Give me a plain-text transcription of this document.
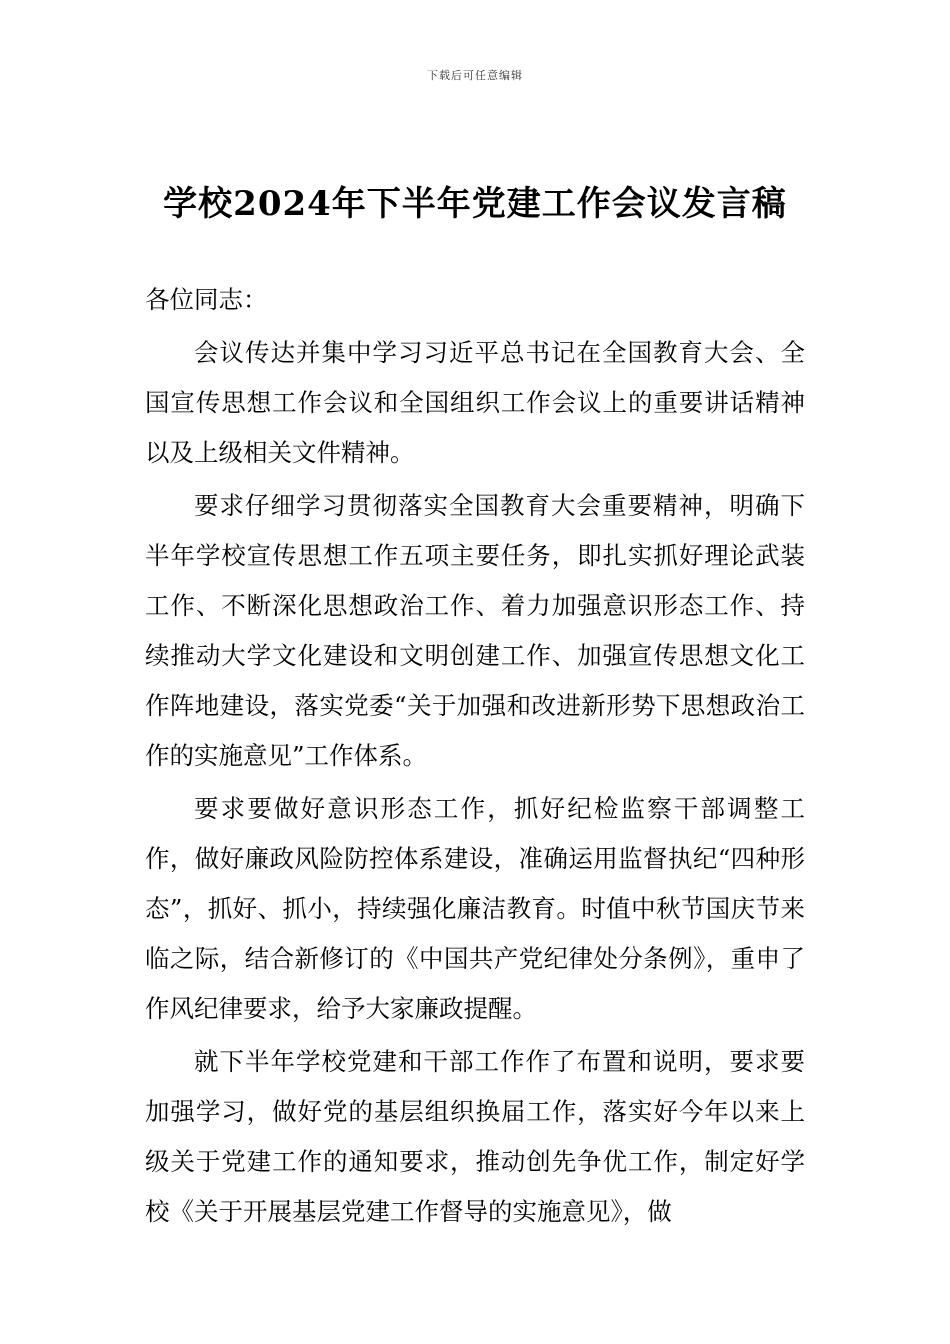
下载后可任意编辑
学校2024年下半年党建工作会议发言稿

各位同志：

会议传达并集中学习习近平总书记在全国教育大会、全国宣传思想工作会议和全国组织工作会议上的重要讲话精神以及上级相关文件精神。

要求仔细学习贯彻落实全国教育大会重要精神，明确下半年学校宣传思想工作五项主要任务，即扎实抓好理论武装工作、不断深化思想政治工作、着力加强意识形态工作、持续推动大学文化建设和文明创建工作、加强宣传思想文化工作阵地建设，落实党委“关于加强和改进新形势下思想政治工作的实施意见”工作体系。

要求要做好意识形态工作，抓好纪检监察干部调整工作，做好廉政风险防控体系建设，准确运用监督执纪“四种形态”，抓好、抓小，持续强化廉洁教育。时值中秋节国庆节来临之际，结合新修订的《中国共产党纪律处分条例》，重申了作风纪律要求，给予大家廉政提醒。

就下半年学校党建和干部工作作了布置和说明，要求要加强学习，做好党的基层组织换届工作，落实好今年以来上级关于党建工作的通知要求，推动创先争优工作，制定好学校《关于开展基层党建工作督导的实施意见》，做
